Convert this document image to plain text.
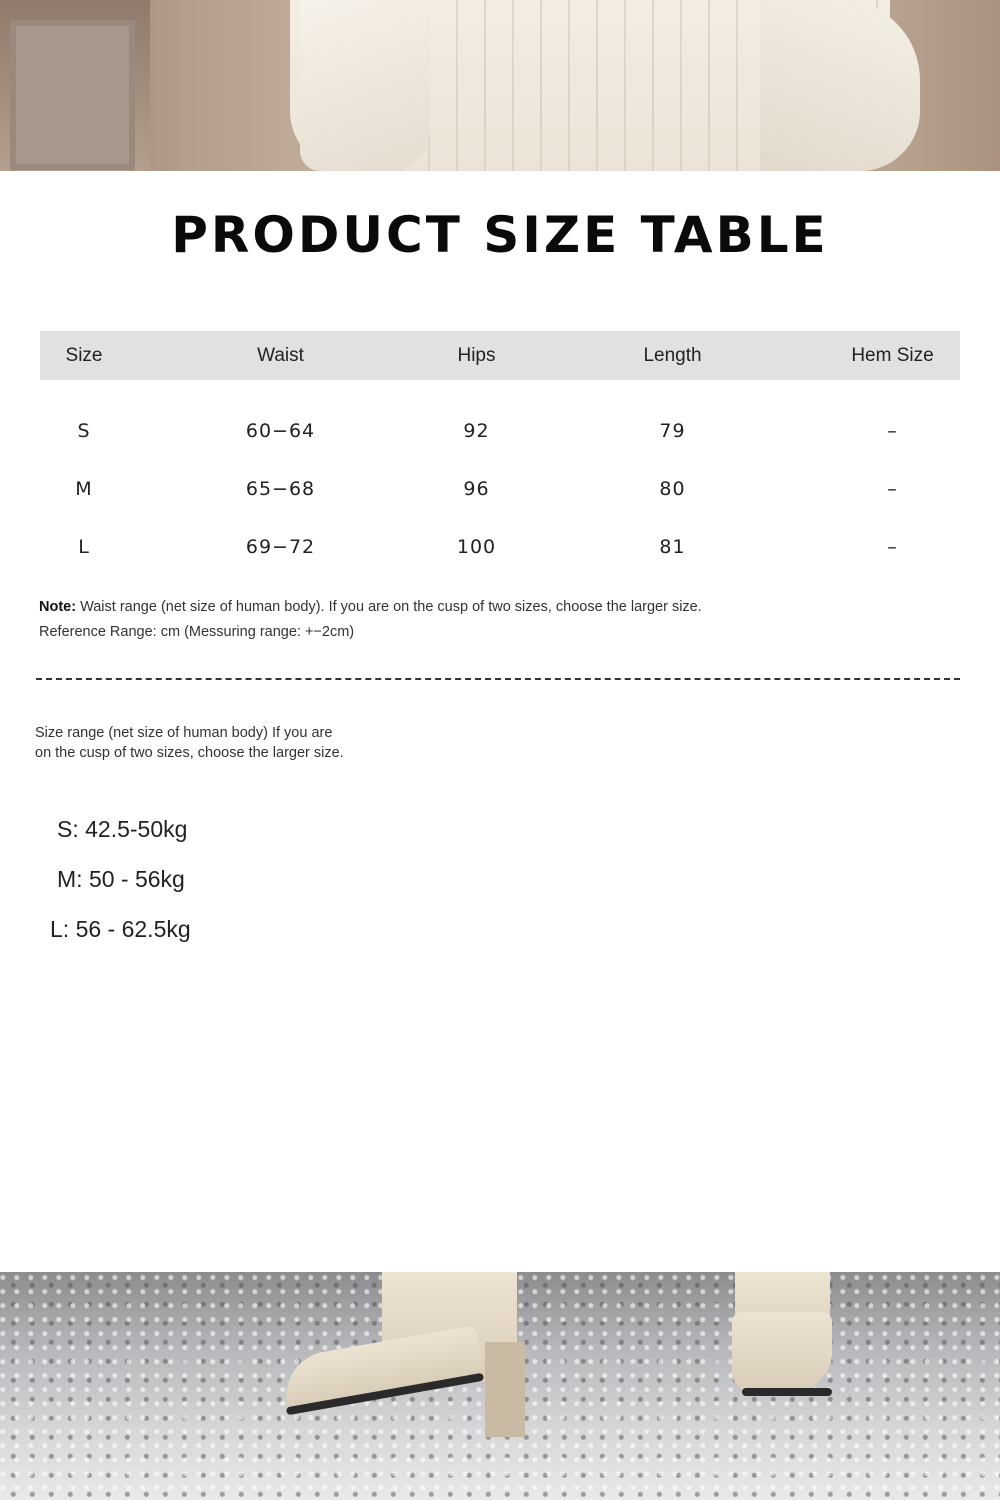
PRODUCT SIZE TABLE
Size	Waist	Hips	Length	Hem Size

S	60−64	92	79	–
M	65−68	96	80	–
L	69−72	100	81	–
Note: Waist range (net size of human body). If you are on the cusp of two sizes, choose the larger size.
Reference Range: cm (Messuring range: +−2cm)
Size range (net size of human body) If you are
on the cusp of two sizes, choose the larger size.
S: 42.5-50kg
M: 50 - 56kg
L: 56 - 62.5kg
